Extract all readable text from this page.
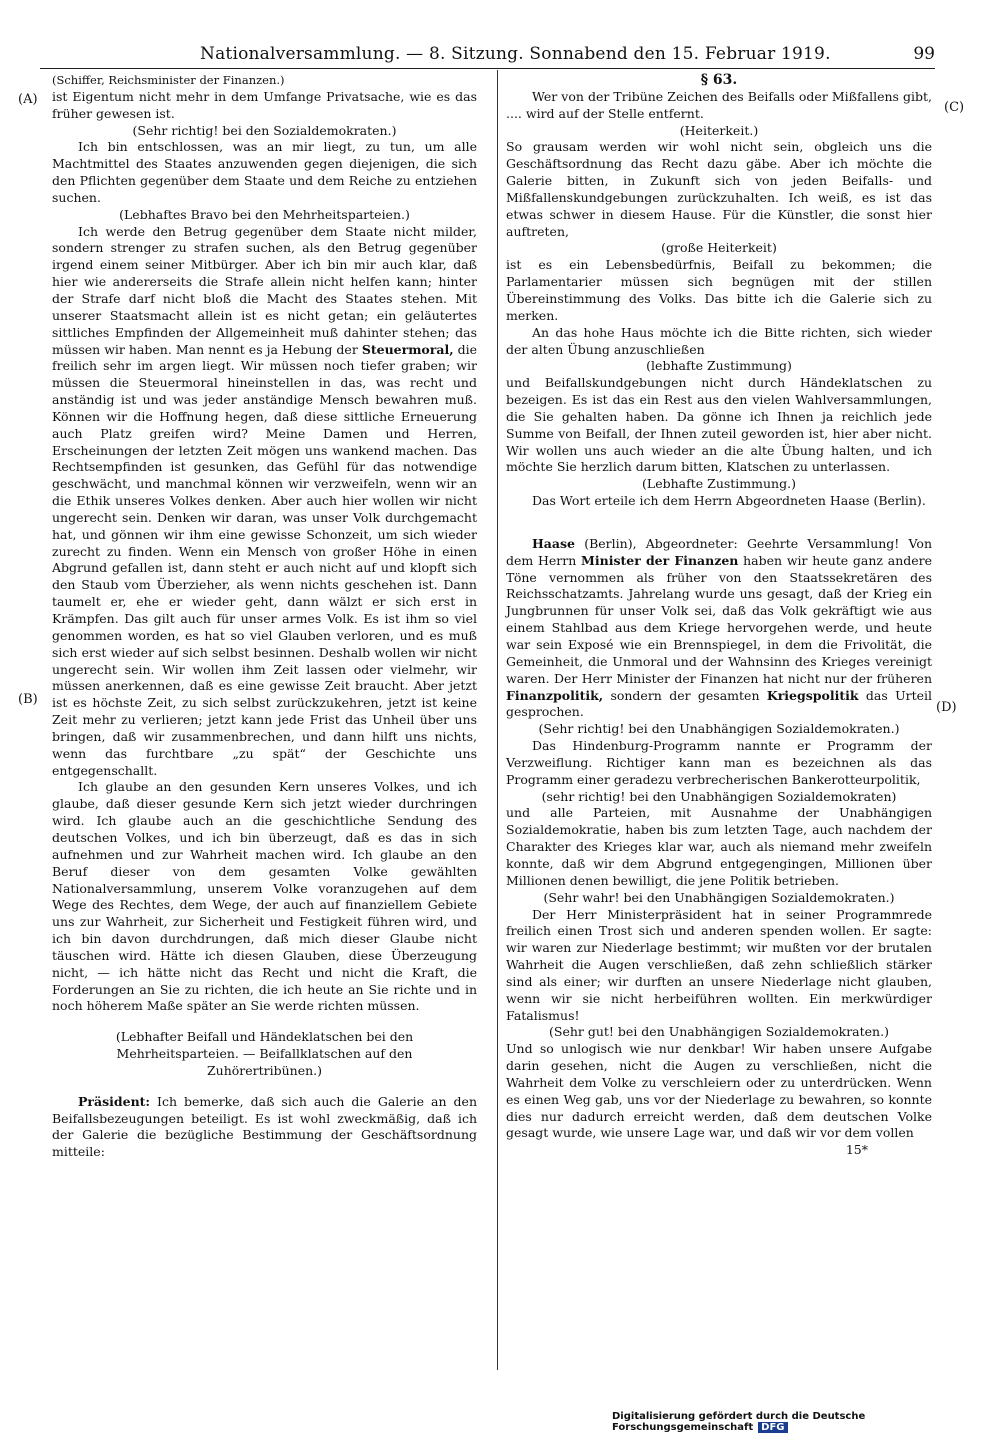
Nationalversammlung. — 8. Sitzung. Sonnabend den 15. Februar 1919.	99
(A)
(B)
(C)
(D)

(Schiffer, Reichsminister der Finanzen.)

ist Eigentum nicht mehr in dem Umfange Privatsache, wie es das früher gewesen ist.

(Sehr richtig! bei den Sozialdemokraten.)

Ich bin entschlossen, was an mir liegt, zu tun, um alle Machtmittel des Staates anzuwenden gegen diejenigen, die sich den Pflichten gegenüber dem Staate und dem Reiche zu entziehen suchen.

(Lebhaftes Bravo bei den Mehrheitsparteien.)

Ich werde den Betrug gegenüber dem Staate nicht milder, sondern strenger zu strafen suchen, als den Betrug gegenüber irgend einem seiner Mitbürger. Aber ich bin mir auch klar, daß hier wie andererseits die Strafe allein nicht helfen kann; hinter der Strafe darf nicht bloß die Macht des Staates stehen. Mit unserer Staatsmacht allein ist es nicht getan; ein geläutertes sittliches Empfinden der Allgemeinheit muß dahinter stehen; das müssen wir haben. Man nennt es ja Hebung der Steuermoral, die freilich sehr im argen liegt. Wir müssen noch tiefer graben; wir müssen die Steuermoral hineinstellen in das, was recht und anständig ist und was jeder anständige Mensch bewahren muß. Können wir die Hoffnung hegen, daß diese sittliche Erneuerung auch Platz greifen wird? Meine Damen und Herren, Erscheinungen der letzten Zeit mögen uns wankend machen. Das Rechtsempfinden ist gesunken, das Gefühl für das notwendige geschwächt, und manchmal können wir verzweifeln, wenn wir an die Ethik unseres Volkes denken. Aber auch hier wollen wir nicht ungerecht sein. Denken wir daran, was unser Volk durchgemacht hat, und gönnen wir ihm eine gewisse Schonzeit, um sich wieder zurecht zu finden. Wenn ein Mensch von großer Höhe in einen Abgrund gefallen ist, dann steht er auch nicht auf und klopft sich den Staub vom Überzieher, als wenn nichts geschehen ist. Dann taumelt er, ehe er wieder geht, dann wälzt er sich erst in Krämpfen. Das gilt auch für unser armes Volk. Es ist ihm so viel genommen worden, es hat so viel Glauben verloren, und es muß sich erst wieder auf sich selbst besinnen. Deshalb wollen wir nicht ungerecht sein. Wir wollen ihm Zeit lassen oder vielmehr, wir müssen anerkennen, daß es eine gewisse Zeit braucht. Aber jetzt ist es höchste Zeit, zu sich selbst zurückzukehren, jetzt ist keine Zeit mehr zu verlieren; jetzt kann jede Frist das Unheil über uns bringen, daß wir zusammenbrechen, und dann hilft uns nichts, wenn das furchtbare „zu spät“ der Geschichte uns entgegenschallt.

Ich glaube an den gesunden Kern unseres Volkes, und ich glaube, daß dieser gesunde Kern sich jetzt wieder durchringen wird. Ich glaube auch an die geschichtliche Sendung des deutschen Volkes, und ich bin überzeugt, daß es das in sich aufnehmen und zur Wahrheit machen wird. Ich glaube an den Beruf dieser von dem gesamten Volke gewählten Nationalversammlung, unserem Volke voranzugehen auf dem Wege des Rechtes, dem Wege, der auch auf finanziellem Gebiete uns zur Wahrheit, zur Sicherheit und Festigkeit führen wird, und ich bin davon durchdrungen, daß mich dieser Glaube nicht täuschen wird. Hätte ich diesen Glauben, diese Überzeugung nicht, — ich hätte nicht das Recht und nicht die Kraft, die Forderungen an Sie zu richten, die ich heute an Sie richte und in noch höherem Maße später an Sie werde richten müssen.

(Lebhafter Beifall und Händeklatschen bei den Mehrheitsparteien. — Beifallklatschen auf den Zuhörertribünen.)

Präsident: Ich bemerke, daß sich auch die Galerie an den Beifallsbezeugungen beteiligt. Es ist wohl zweckmäßig, daß ich der Galerie die bezügliche Bestimmung der Geschäftsordnung mitteile:

§ 63.

Wer von der Tribüne Zeichen des Beifalls oder Mißfallens gibt, .... wird auf der Stelle entfernt.

(Heiterkeit.)

So grausam werden wir wohl nicht sein, obgleich uns die Geschäftsordnung das Recht dazu gäbe. Aber ich möchte die Galerie bitten, in Zukunft sich von jeden Beifalls- und Mißfallenskundgebungen zurückzuhalten. Ich weiß, es ist das etwas schwer in diesem Hause. Für die Künstler, die sonst hier auftreten,

(große Heiterkeit)

ist es ein Lebensbedürfnis, Beifall zu bekommen; die Parlamentarier müssen sich begnügen mit der stillen Übereinstimmung des Volks. Das bitte ich die Galerie sich zu merken.

An das hohe Haus möchte ich die Bitte richten, sich wieder der alten Übung anzuschließen

(lebhafte Zustimmung)

und Beifallskundgebungen nicht durch Händeklatschen zu bezeigen. Es ist das ein Rest aus den vielen Wahlversammlungen, die Sie gehalten haben. Da gönne ich Ihnen ja reichlich jede Summe von Beifall, der Ihnen zuteil geworden ist, hier aber nicht. Wir wollen uns auch wieder an die alte Übung halten, und ich möchte Sie herzlich darum bitten, Klatschen zu unterlassen.

(Lebhafte Zustimmung.)

Das Wort erteile ich dem Herrn Abgeordneten Haase (Berlin).

Haase (Berlin), Abgeordneter: Geehrte Versammlung! Von dem Herrn Minister der Finanzen haben wir heute ganz andere Töne vernommen als früher von den Staatssekretären des Reichsschatzamts. Jahrelang wurde uns gesagt, daß der Krieg ein Jungbrunnen für unser Volk sei, daß das Volk gekräftigt wie aus einem Stahlbad aus dem Kriege hervorgehen werde, und heute war sein Exposé wie ein Brennspiegel, in dem die Frivolität, die Gemeinheit, die Unmoral und der Wahnsinn des Krieges vereinigt waren. Der Herr Minister der Finanzen hat nicht nur der früheren Finanzpolitik, sondern der gesamten Kriegspolitik das Urteil gesprochen.

(Sehr richtig! bei den Unabhängigen Sozialdemokraten.)

Das Hindenburg-Programm nannte er Programm der Verzweiflung. Richtiger kann man es bezeichnen als das Programm einer geradezu verbrecherischen Bankerotteurpolitik,

(sehr richtig! bei den Unabhängigen Sozialdemokraten)

und alle Parteien, mit Ausnahme der Unabhängigen Sozialdemokratie, haben bis zum letzten Tage, auch nachdem der Charakter des Krieges klar war, auch als niemand mehr zweifeln konnte, daß wir dem Abgrund entgegengingen, Millionen über Millionen denen bewilligt, die jene Politik betrieben.

(Sehr wahr! bei den Unabhängigen Sozialdemokraten.)

Der Herr Ministerpräsident hat in seiner Programmrede freilich einen Trost sich und anderen spenden wollen. Er sagte: wir waren zur Niederlage bestimmt; wir mußten vor der brutalen Wahrheit die Augen verschließen, daß zehn schließlich stärker sind als einer; wir durften an unsere Niederlage nicht glauben, wenn wir sie nicht herbeiführen wollten. Ein merkwürdiger Fatalismus!

(Sehr gut! bei den Unabhängigen Sozialdemokraten.)

Und so unlogisch wie nur denkbar! Wir haben unsere Aufgabe darin gesehen, nicht die Augen zu verschließen, nicht die Wahrheit dem Volke zu verschleiern oder zu unterdrücken. Wenn es einen Weg gab, uns vor der Niederlage zu bewahren, so konnte dies nur dadurch erreicht werden, daß dem deutschen Volke gesagt wurde, wie unsere Lage war, und daß wir vor dem vollen

15*

Digitalisierung gefördert durch die Deutsche Forschungsgemeinschaft DFG
